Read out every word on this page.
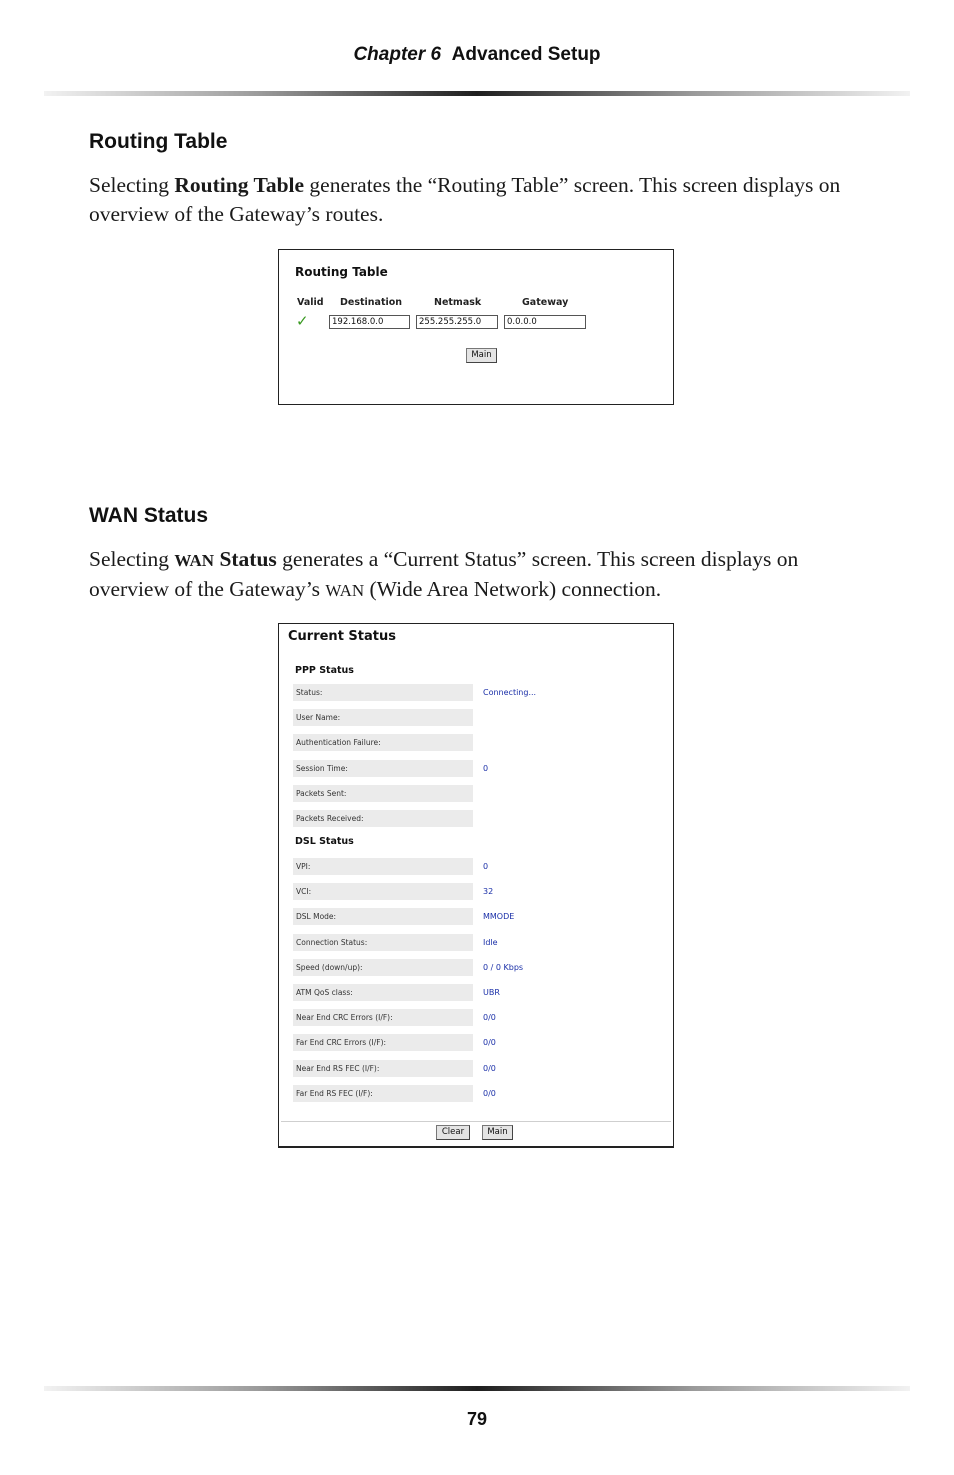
Chapter 6 Advanced Setup
Routing Table
Selecting Routing Table generates the “Routing Table” screen. This screen displays on overview of the Gateway’s routes.
Routing Table
Valid Destination	Netmask	Gateway
✓	192.168.0.0	255.255.255.0	0.0.0.0
Main
WAN Status
Selecting WAN Status generates a “Current Status” screen. This screen displays on overview of the Gateway’s WAN (Wide Area Network) connection.
Current Status
PPP Status
Status:	Connecting...
User Name:
Authentication Failure:
Session Time:	0
Packets Sent:
Packets Received:
DSL Status
VPI:	0
VCI:	32
DSL Mode:	MMODE
Connection Status:	Idle
Speed (down/up):	0 / 0 Kbps
ATM QoS class:	UBR
Near End CRC Errors (I/F):	0/0
Far End CRC Errors (I/F):	0/0
Near End RS FEC (I/F):	0/0
Far End RS FEC (I/F):	0/0
Clear	Main
79
